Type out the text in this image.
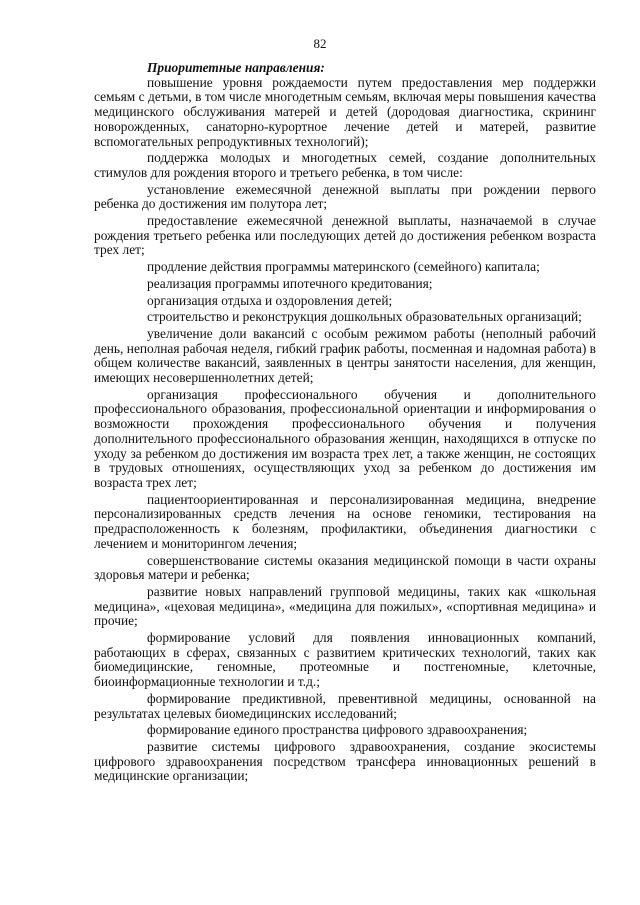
82

Приоритетные направления:

повышение уровня рождаемости путем предоставления мер поддержки семьям с детьми, в том числе многодетным семьям, включая меры повышения качества медицинского обслуживания матерей и детей (дородовая диагностика, скрининг новорожденных, санаторно-курортное лечение детей и матерей, развитие вспомогательных репродуктивных технологий);

поддержка молодых и многодетных семей, создание дополнительных стимулов для рождения второго и третьего ребенка, в том числе:

установление ежемесячной денежной выплаты при рождении первого ребенка до достижения им полутора лет;

предоставление ежемесячной денежной выплаты, назначаемой в случае рождения третьего ребенка или последующих детей до достижения ребенком возраста трех лет;

продление действия программы материнского (семейного) капитала;

реализация программы ипотечного кредитования;

организация отдыха и оздоровления детей;

строительство и реконструкция дошкольных образовательных организаций;

увеличение доли вакансий с особым режимом работы (неполный рабочий день, неполная рабочая неделя, гибкий график работы, посменная и надомная работа) в общем количестве вакансий, заявленных в центры занятости населения, для женщин, имеющих несовершеннолетних детей;

организация профессионального обучения и дополнительного профессионального образования, профессиональной ориентации и информирования о возможности прохождения профессионального обучения и получения дополнительного профессионального образования женщин, находящихся в отпуске по уходу за ребенком до достижения им возраста трех лет, а также женщин, не состоящих в трудовых отношениях, осуществляющих уход за ребенком до достижения им возраста трех лет;

пациентоориентированная и персонализированная медицина, внедрение персонализированных средств лечения на основе геномики, тестирования на предрасположенность к болезням, профилактики, объединения диагностики с лечением и мониторингом лечения;

совершенствование системы оказания медицинской помощи в части охраны здоровья матери и ребенка;

развитие новых направлений групповой медицины, таких как «школьная медицина», «цеховая медицина», «медицина для пожилых», «спортивная медицина» и прочие;

формирование условий для появления инновационных компаний, работающих в сферах, связанных с развитием критических технологий, таких как биомедицинские, геномные, протеомные и постгеномные, клеточные, биоинформационные технологии и т.д.;

формирование предиктивной, превентивной медицины, основанной на результатах целевых биомедицинских исследований;

формирование единого пространства цифрового здравоохранения;

развитие системы цифрового здравоохранения, создание экосистемы цифрового здравоохранения посредством трансфера инновационных решений в медицинские организации;
